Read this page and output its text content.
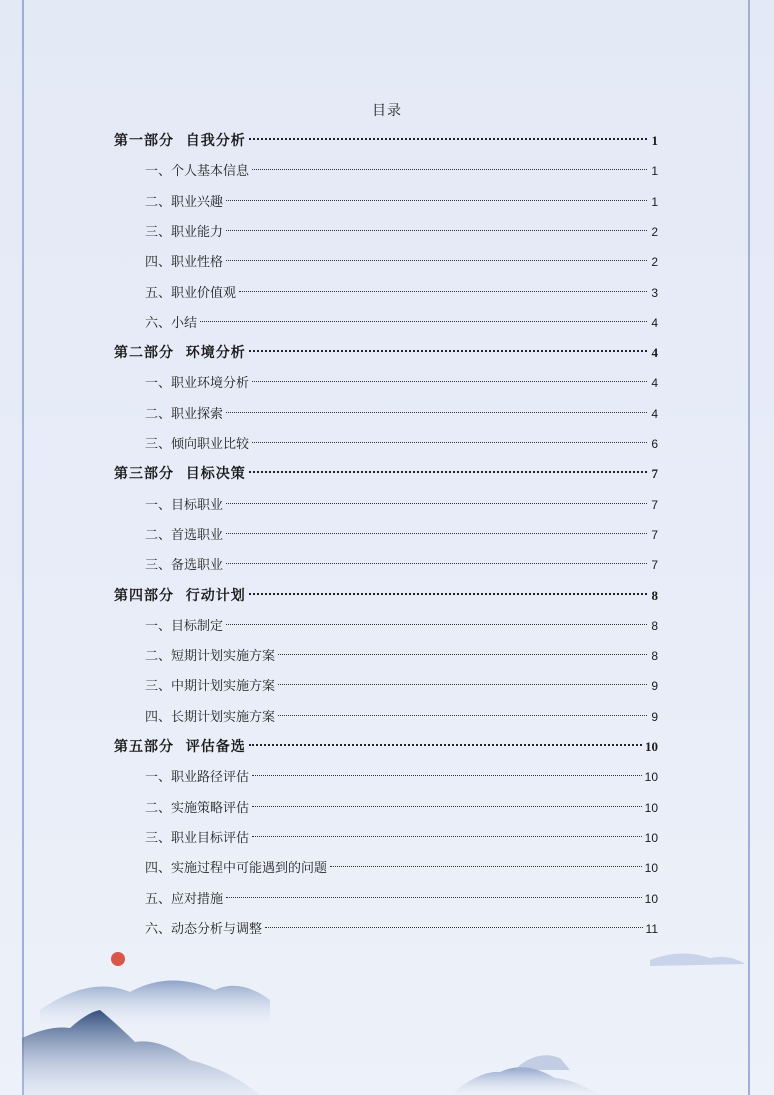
目录
第一部分  自我分析	1
一、个人基本信息	1
二、职业兴趣	1
三、职业能力	2
四、职业性格	2
五、职业价值观	3
六、小结	4
第二部分  环境分析	4
一、职业环境分析	4
二、职业探索	4
三、倾向职业比较	6
第三部分  目标决策	7
一、目标职业	7
二、首选职业	7
三、备选职业	7
第四部分  行动计划	8
一、目标制定	8
二、短期计划实施方案	8
三、中期计划实施方案	9
四、长期计划实施方案	9
第五部分  评估备选	10
一、职业路径评估	10
二、实施策略评估	10
三、职业目标评估	10
四、实施过程中可能遇到的问题	10
五、应对措施	10
六、动态分析与调整	11
